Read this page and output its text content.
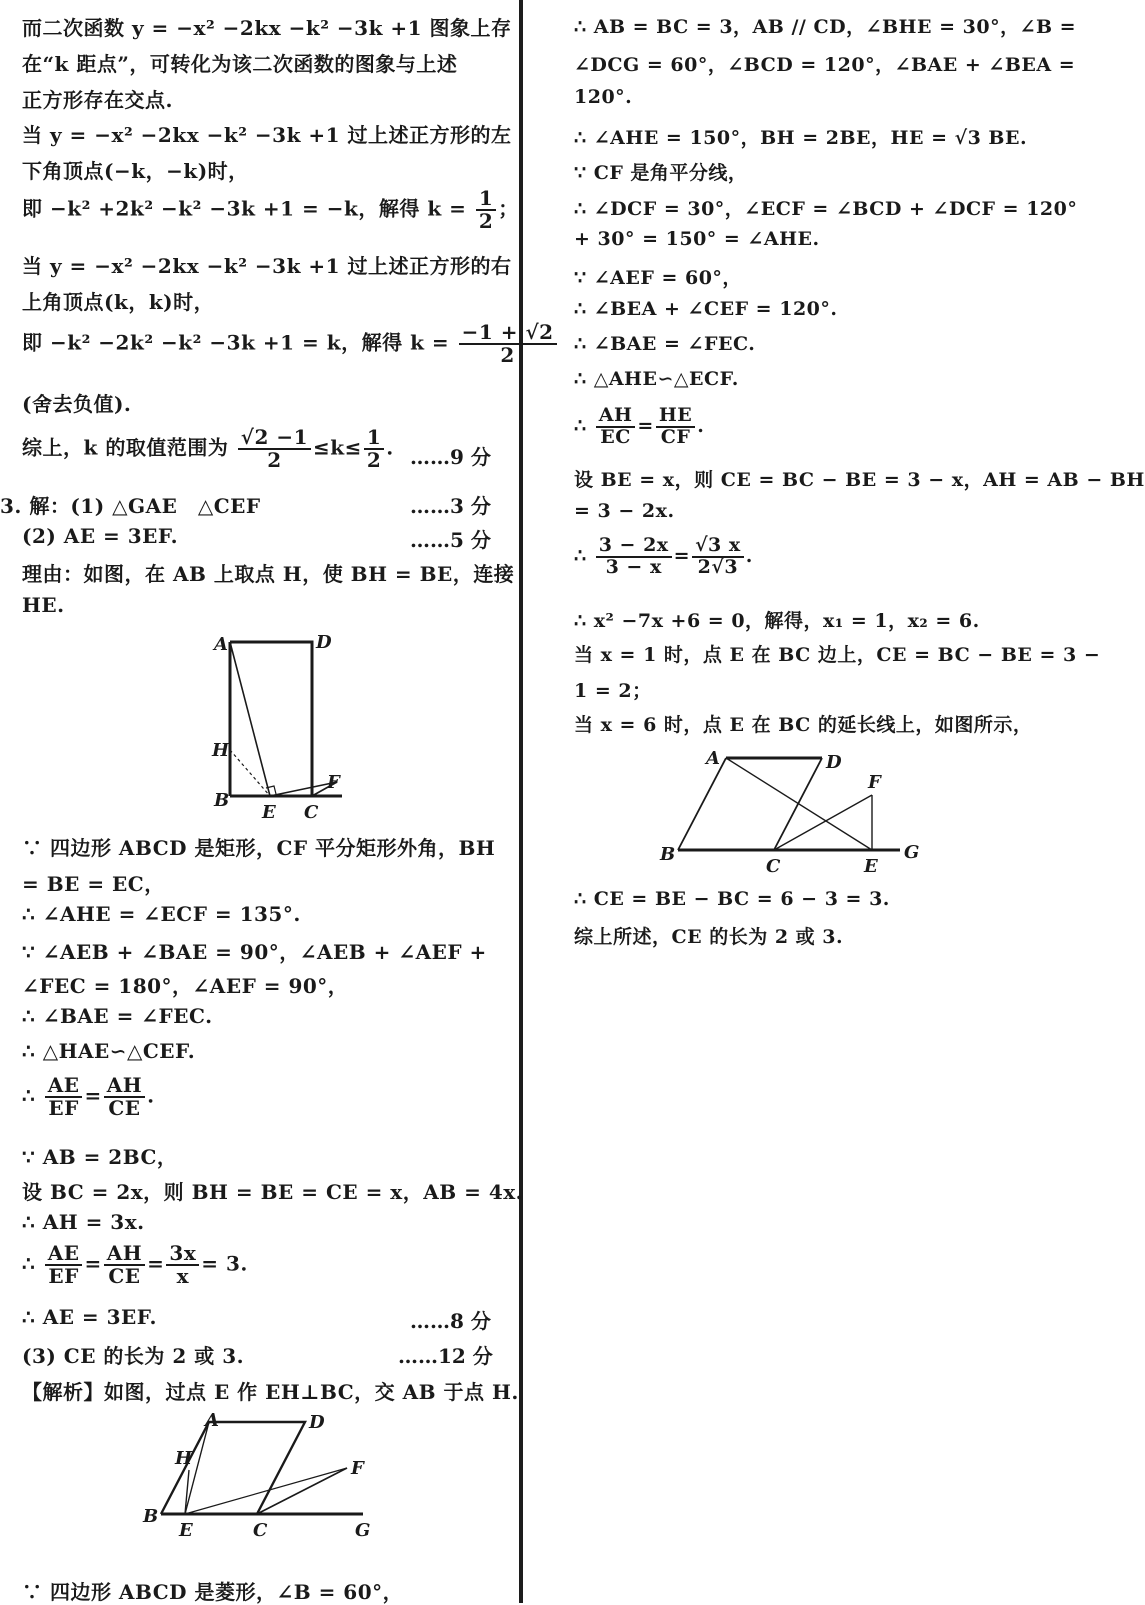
而二次函数 y = −x² −2kx −k² −3k +1 图象上存
在“k 距点”，可转化为该二次函数的图象与上述
正方形存在交点.
当 y = −x² −2kx −k² −3k +1 过上述正方形的左
下角顶点(−k，−k)时，
即 −k² +2k² −k² −3k +1 = −k，解得 $k = \frac{1}{2}$ ；
当 y = −x² −2kx −k² −3k +1 过上述正方形的右
上角顶点(k，k)时，
即 −k² −2k² −k² −3k +1 = k，解得 $k = \frac{-1 + √2}{2}$
(舍去负值).
综上，k 的取值范围为 $\frac{√2 -1}{2} \le k\le \frac{1}{2}$ . ……9 分
3. 解：(1) △GAE　△CEF	……3 分
(2) AE = 3EF.	……5 分
理由：如图，在 AB 上取点 H，使 BH = BE，连接
HE.
A	D
H
B
E C
F
∵ 四边形 ABCD 是矩形，CF 平分矩形外角，BH
= BE = EC，
∴ ∠AHE = ∠ECF = 135°.
∵ ∠AEB + ∠BAE = 90°，∠AEB + ∠AEF +
∠FEC = 180°，∠AEF = 90°，
∴ ∠BAE = ∠FEC.
∴ △HAE∽△CEF.
∴ $\frac{AE}{EF} = \frac{AH}{CE}$ .
∵ AB = 2BC，
设 BC = 2x，则 BH = BE = CE = x，AB = 4x.
∴ AH = 3x.
∴ $\frac{AE}{EF} = \frac{AH}{CE} = \frac{3x}{x} = 3$.
∴ AE = 3EF.	……8 分
(3) CE 的长为 2 或 3.	……12 分
【解析】如图，过点 E 作 EH⊥BC，交 AB 于点 H.
A	D
H	F
B
E	C	G
∵ 四边形 ABCD 是菱形，∠B = 60°，
∴ AB = BC = 3，AB // CD，∠BHE = 30°，∠B =
∠DCG = 60°，∠BCD = 120°，∠BAE + ∠BEA =
120°.
∴ ∠AHE = 150°，BH = 2BE，HE = √3 BE.
∵ CF 是角平分线，
∴ ∠DCF = 30°，∠ECF = ∠BCD + ∠DCF = 120°
+ 30° = 150° = ∠AHE.
∵ ∠AEF = 60°，
∴ ∠BEA + ∠CEF = 120°.
∴ ∠BAE = ∠FEC.
∴ △AHE∽△ECF.
∴ $\frac{AH}{EC} = \frac{HE}{CF}$ .
设 BE = x，则 CE = BC − BE = 3 − x，AH = AB − BH
= 3 − 2x.
∴ $\frac{3 - 2x}{3 - x} = \frac{√3 x}{2√3}$ .
∴ x² −7x +6 = 0，解得，x₁ = 1，x₂ = 6.
当 x = 1 时，点 E 在 BC 边上，CE = BC − BE = 3 −
1 = 2；
当 x = 6 时，点 E 在 BC 的延长线上，如图所示，
A	D
F
B
C	E
G
∴ CE = BE − BC = 6 − 3 = 3.
综上所述，CE 的长为 2 或 3.
